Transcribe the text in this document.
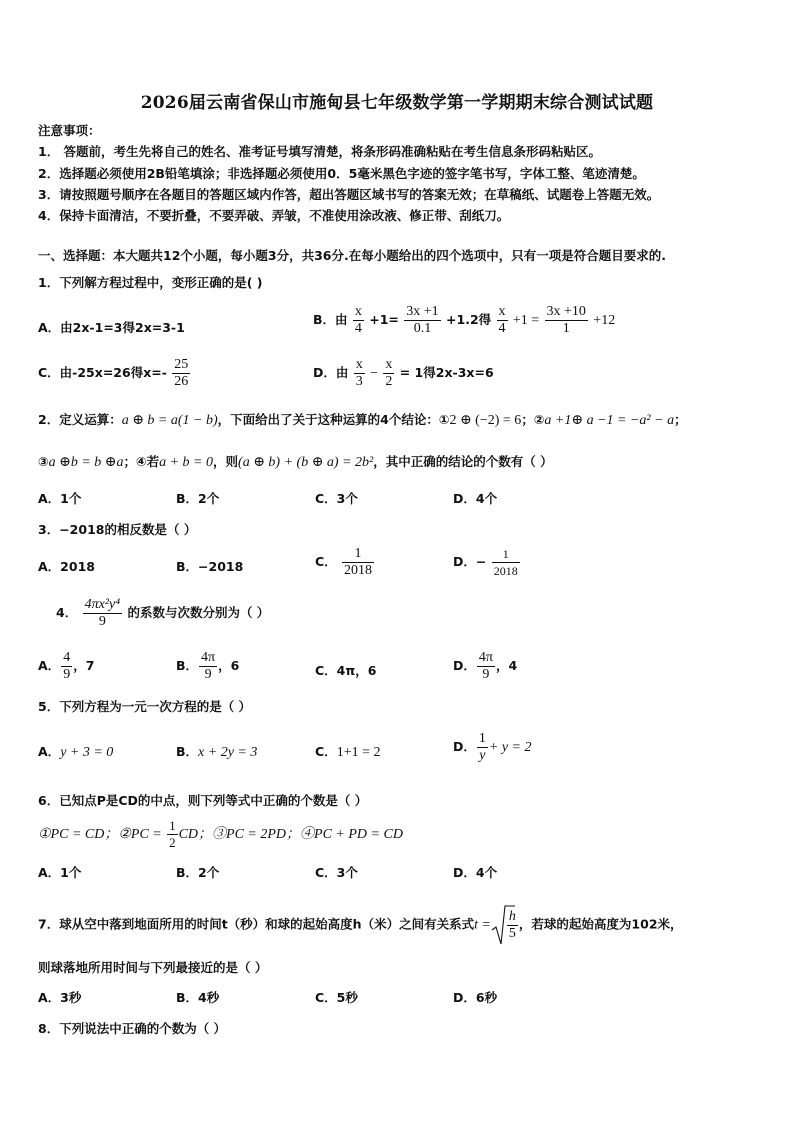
2026届云南省保山市施甸县七年级数学第一学期期末综合测试试题
注意事项：
1． 答题前，考生先将自己的姓名、准考证号填写清楚，将条形码准确粘贴在考生信息条形码粘贴区。
2．选择题必须使用2B铅笔填涂；非选择题必须使用0．5毫米黑色字迹的签字笔书写，字体工整、笔迹清楚。
3．请按照题号顺序在各题目的答题区域内作答，超出答题区域书写的答案无效；在草稿纸、试题卷上答题无效。
4．保持卡面清洁，不要折叠，不要弄破、弄皱，不准使用涂改液、修正带、刮纸刀。
一、选择题：本大题共12个小题，每小题3分，共36分.在每小题给出的四个选项中，只有一项是符合题目要求的.
1．下列解方程过程中，变形正确的是( )
A．由2x-1=3得2x=3-1
B．由 $\frac{x}{4} +1= \frac{3x +1}{0.1} +1.2$得 $\frac{x}{4} +1 = \frac{3x +10}{1} +12$
C．由-25x=26得$x=- \frac{25}{26}$	D．由 $\frac{x}{3} - \frac{x}{2} = 1$得2x-3x=6
2．定义运算：a ⊕ b = a(1 − b)，下面给出了关于这种运算的4个结论：①2 ⊕ (−2) = 6；②a +1⊕ a −1 = −a² − a；
③a ⊕b = b ⊕a；④若a + b = 0，则(a ⊕ b) + (b ⊕ a) = 2b²，其中正确的结论的个数有（ ）
A．1个	B．2个	C．3个	D．4个
3．−2018的相反数是（ ）
A．2018	B．−2018	C． $\frac{1}{2018}$	D．− $\frac{1}{2018}$
4． $\frac{\text{4πx²y⁴}}{9}$ 的系数与次数分别为（ ）
A． $\frac{4}{9}$ ，7	B． $\frac{4\pi}{9}$ ，6	C．4π，6	D． $\frac{4\pi}{9}$ ，4
5．下列方程为一元一次方程的是（ ）
A．y + 3 = 0	B．x + 2y = 3	C．1+1 = 2	D． $\frac{1}{y} + y = 2$
6．已知点P是CD的中点，则下列等式中正确的个数是（ ）
①PC = CD；②PC = $\frac{1}{2}$ CD；③PC = 2PD；④PC + PD = CD
A．1个	B．2个	C．3个	D．4个
7．球从空中落到地面所用的时间t（秒）和球的起始高度h（米）之间有关系式$t = \frac{h}{5}$ ，若球的起始高度为102米，
则球落地所用时间与下列最接近的是（ ）
A．3秒	B．4秒	C．5秒	D．6秒
8．下列说法中正确的个数为（ ）
